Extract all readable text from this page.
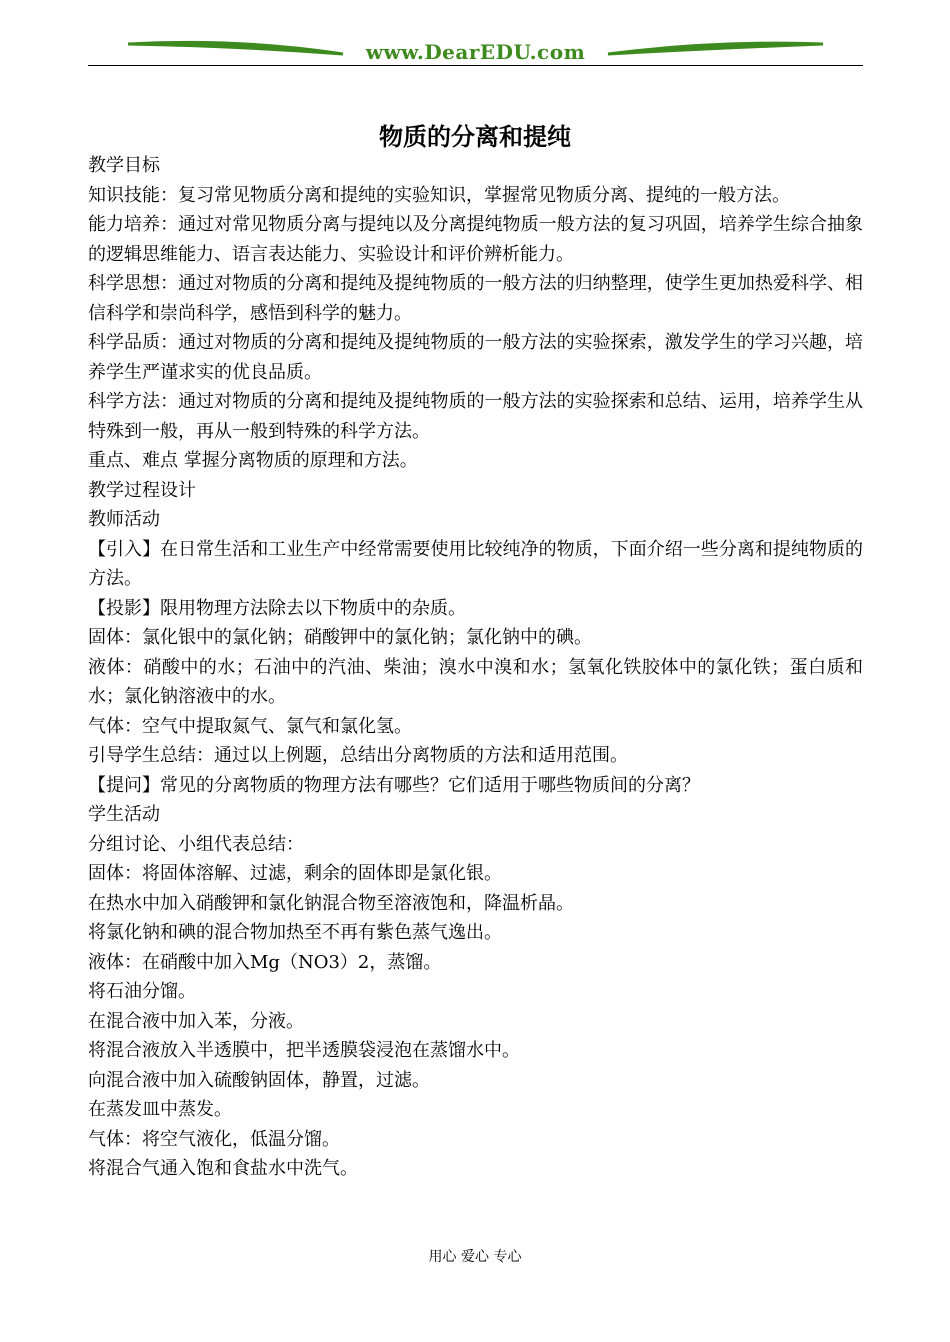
www.DearEDU.com
物质的分离和提纯

教学目标

知识技能：复习常见物质分离和提纯的实验知识，掌握常见物质分离、提纯的一般方法。

能力培养：通过对常见物质分离与提纯以及分离提纯物质一般方法的复习巩固，培养学生综合抽象的逻辑思维能力、语言表达能力、实验设计和评价辨析能力。

科学思想：通过对物质的分离和提纯及提纯物质的一般方法的归纳整理，使学生更加热爱科学、相信科学和崇尚科学，感悟到科学的魅力。

科学品质：通过对物质的分离和提纯及提纯物质的一般方法的实验探索，激发学生的学习兴趣，培养学生严谨求实的优良品质。

科学方法：通过对物质的分离和提纯及提纯物质的一般方法的实验探索和总结、运用，培养学生从特殊到一般，再从一般到特殊的科学方法。

重点、难点 掌握分离物质的原理和方法。

教学过程设计

教师活动

【引入】在日常生活和工业生产中经常需要使用比较纯净的物质，下面介绍一些分离和提纯物质的方法。

【投影】限用物理方法除去以下物质中的杂质。

固体：氯化银中的氯化钠；硝酸钾中的氯化钠；氯化钠中的碘。

液体：硝酸中的水；石油中的汽油、柴油；溴水中溴和水；氢氧化铁胶体中的氯化铁；蛋白质和水；氯化钠溶液中的水。

气体：空气中提取氮气、氯气和氯化氢。

引导学生总结：通过以上例题，总结出分离物质的方法和适用范围。

【提问】常见的分离物质的物理方法有哪些？它们适用于哪些物质间的分离？

学生活动

分组讨论、小组代表总结：

固体：将固体溶解、过滤，剩余的固体即是氯化银。

在热水中加入硝酸钾和氯化钠混合物至溶液饱和，降温析晶。

将氯化钠和碘的混合物加热至不再有紫色蒸气逸出。

液体：在硝酸中加入Mg（NO3）2，蒸馏。

将石油分馏。

在混合液中加入苯，分液。

将混合液放入半透膜中，把半透膜袋浸泡在蒸馏水中。

向混合液中加入硫酸钠固体，静置，过滤。

在蒸发皿中蒸发。

气体：将空气液化，低温分馏。

将混合气通入饱和食盐水中洗气。

用心 爱心 专心
